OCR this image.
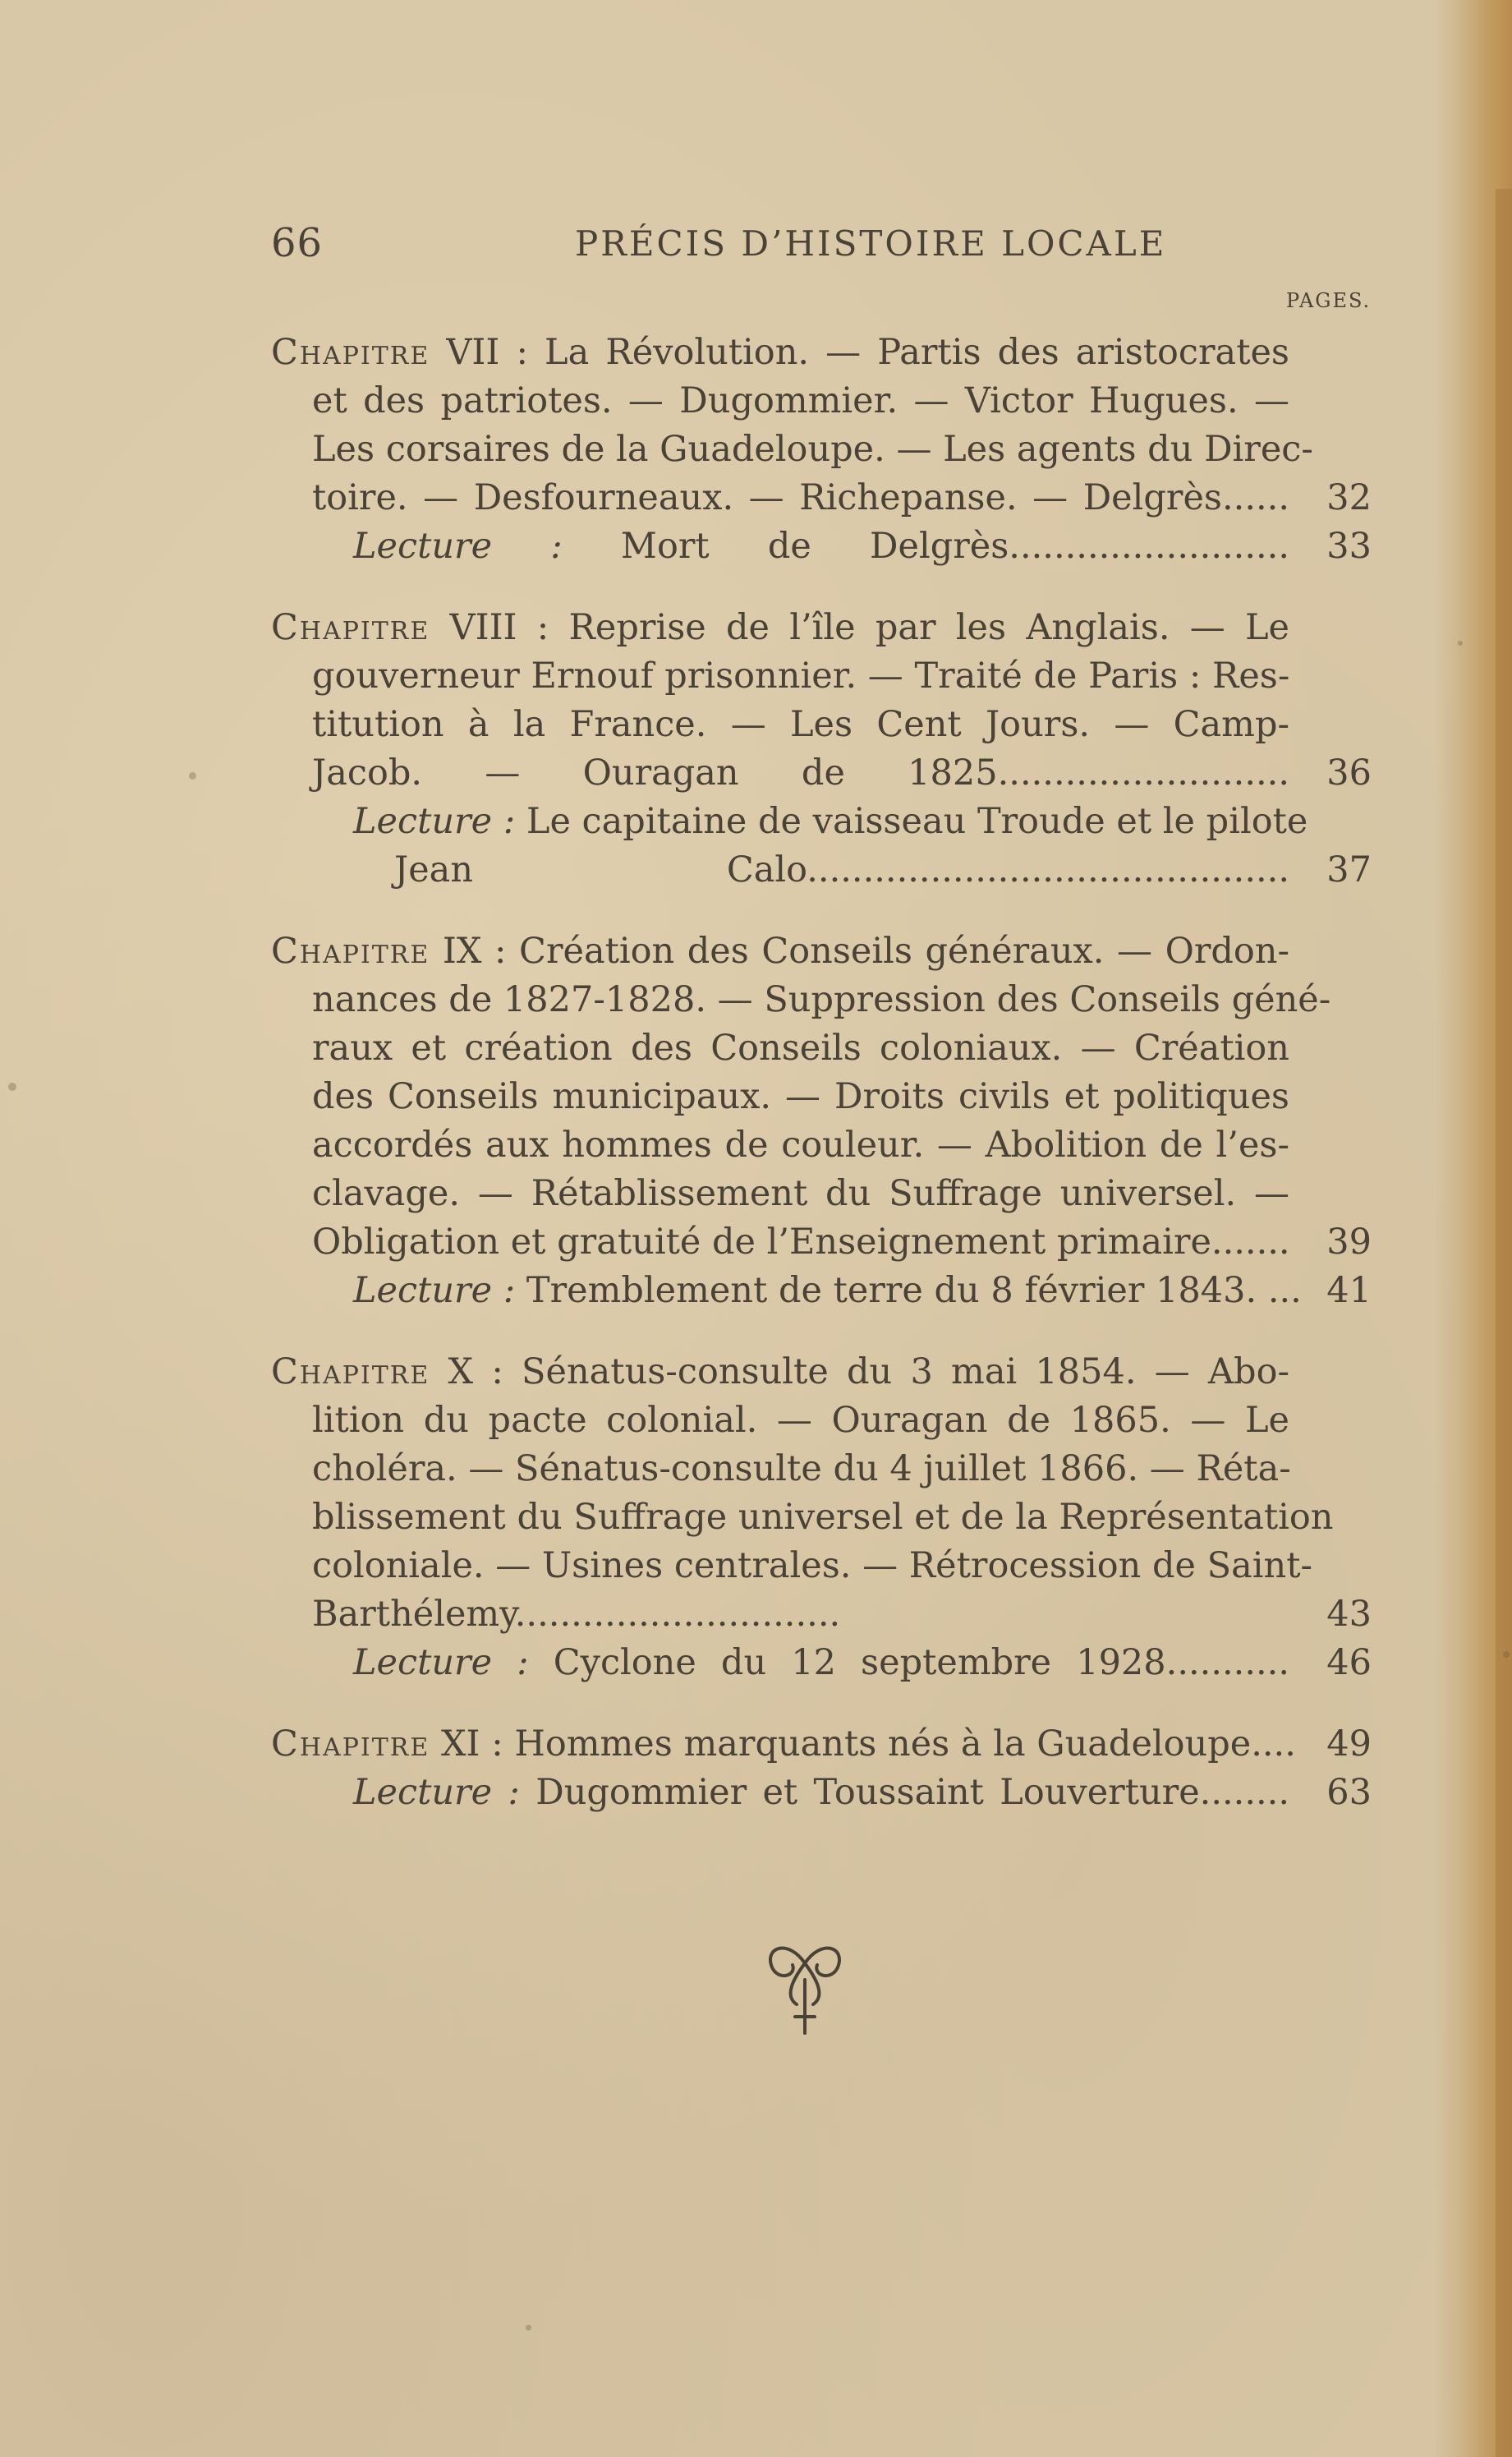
66	PRÉCIS D’HISTOIRE LOCALE
PAGES.
Chapitre VII : La Révolution. — Partis des aristocrates
et des patriotes. — Dugommier. — Victor Hugues. —
Les corsaires de la Guadeloupe. — Les agents du Direc-
toire. — Desfourneaux. — Richepanse. — Delgrès......	32
Lecture : Mort de Delgrès.........................	33
Chapitre VIII : Reprise de l’île par les Anglais. — Le
gouverneur Ernouf prisonnier. — Traité de Paris : Res-
titution à la France. — Les Cent Jours. — Camp-
Jacob. — Ouragan de 1825..........................	36
Lecture : Le capitaine de vaisseau Troude et le pilote
Jean Calo...........................................	37
Chapitre IX : Création des Conseils généraux. — Ordon-
nances de 1827-1828. — Suppression des Conseils géné-
raux et création des Conseils coloniaux. — Création
des Conseils municipaux. — Droits civils et politiques
accordés aux hommes de couleur. — Abolition de l’es-
clavage. — Rétablissement du Suffrage universel. —
Obligation et gratuité de l’Enseignement primaire.......	39
Lecture : Tremblement de terre du 8 février 1843. ... 41
Chapitre X : Sénatus-consulte du 3 mai 1854. — Abo-
lition du pacte colonial. — Ouragan de 1865. — Le
choléra. — Sénatus-consulte du 4 juillet 1866. — Réta-
blissement du Suffrage universel et de la Représentation
coloniale. — Usines centrales. — Rétrocession de Saint-
Barthélemy.............................	43
Lecture : Cyclone du 12 septembre 1928...........	46
Chapitre XI : Hommes marquants nés à la Guadeloupe.... 49
Lecture : Dugommier et Toussaint Louverture........	63
